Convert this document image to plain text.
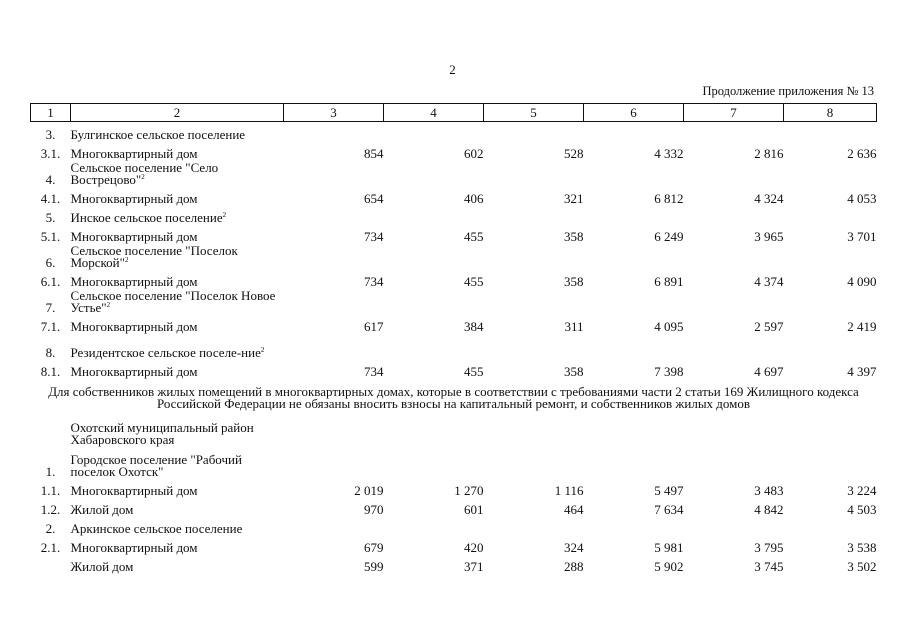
2
Продолжение приложения № 13
1	2	3	4	5	6	7	8
3.	Булгинское сельское поселение						
3.1.	Многоквартирный дом	854	602	528	4 332	2 816	2 636
4.	Сельское поселение "Село Вострецово"$^2$						
4.1.	Многоквартирный дом	654	406	321	6 812	4 324	4 053
5.	Инское сельское поселение$^2$						
5.1.	Многоквартирный дом	734	455	358	6 249	3 965	3 701
6.	Сельское поселение "Поселок Морской"$^2$						
6.1.	Многоквартирный дом	734	455	358	6 891	4 374	4 090
7.	Сельское поселение "Поселок Новое Устье"$^2$						
7.1.	Многоквартирный дом	617	384	311	4 095	2 597	2 419
8.	Резидентское сельское поселе-ние$^2$						
8.1.	Многоквартирный дом	734	455	358	7 398	4 697	4 397
Для собственников жилых помещений в многоквартирных домах, которые в соответствии с требованиями части 2 статьи 169 Жилищного кодекса Российской Федерации не обязаны вносить взносы на капитальный ремонт, и собственников жилых домов							
	Охотский муниципальный район Хабаровского края						

1.	Городское поселение "Рабочий поселок Охотск"						
1.1.	Многоквартирный дом	2 019	1 270	1 116	5 497	3 483	3 224
1.2.	Жилой дом	970	601	464	7 634	4 842	4 503
2.	Аркинское сельское поселение						
2.1.	Многоквартирный дом	679	420	324	5 981	3 795	3 538
	Жилой дом	599	371	288	5 902	3 745	3 502
